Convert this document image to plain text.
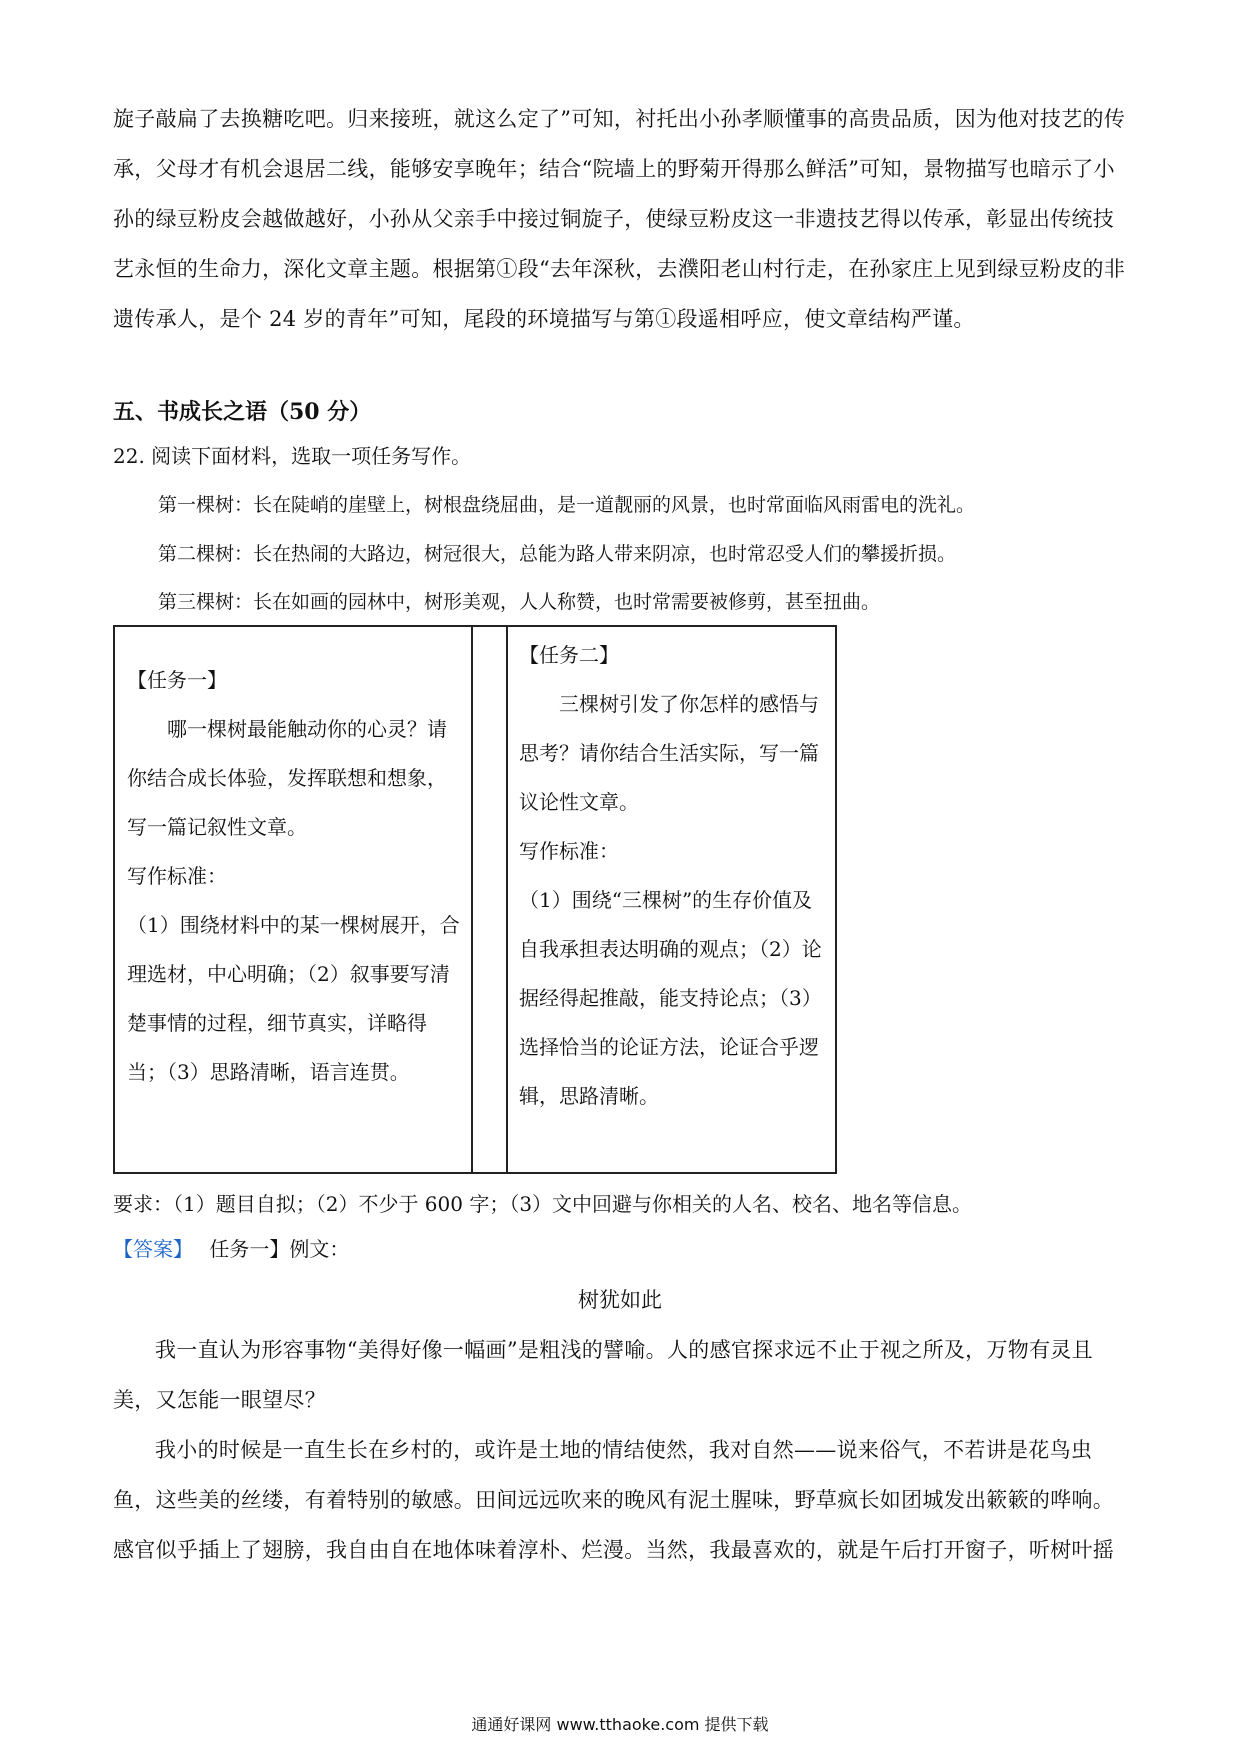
旋子敲扁了去换糖吃吧。归来接班，就这么定了”可知，衬托出小孙孝顺懂事的高贵品质，因为他对技艺的传承，父母才有机会退居二线，能够安享晚年；结合“院墙上的野菊开得那么鲜活”可知，景物描写也暗示了小孙的绿豆粉皮会越做越好，小孙从父亲手中接过铜旋子，使绿豆粉皮这一非遗技艺得以传承，彰显出传统技艺永恒的生命力，深化文章主题。根据第①段“去年深秋，去濮阳老山村行走，在孙家庄上见到绿豆粉皮的非遗传承人，是个 24 岁的青年”可知，尾段的环境描写与第①段遥相呼应，使文章结构严谨。

五、书成长之语（50 分）
22. 阅读下面材料，选取一项任务写作。
第一棵树：长在陡峭的崖壁上，树根盘绕屈曲，是一道靓丽的风景，也时常面临风雨雷电的洗礼。
第二棵树：长在热闹的大路边，树冠很大，总能为路人带来阴凉，也时常忍受人们的攀援折损。
第三棵树：长在如画的园林中，树形美观，人人称赞，也时常需要被修剪，甚至扭曲。

【任务一】

哪一棵树最能触动你的心灵？请你结合成长体验，发挥联想和想象，写一篇记叙性文章。

写作标准：

（1）围绕材料中的某一棵树展开，合理选材，中心明确；（2）叙事要写清楚事情的过程，细节真实，详略得当；（3）思路清晰，语言连贯。

【任务二】

三棵树引发了你怎样的感悟与思考？请你结合生活实际，写一篇议论性文章。

写作标准：

（1）围绕“三棵树”的生存价值及自我承担表达明确的观点；（2）论据经得起推敲，能支持论点；（3）选择恰当的论证方法，论证合乎逻辑，思路清晰。

要求：（1）题目自拟；（2）不少于 600 字；（3）文中回避与你相关的人名、校名、地名等信息。
【答案】 任务一】例文：
树犹如此

我一直认为形容事物“美得好像一幅画”是粗浅的譬喻。人的感官探求远不止于视之所及，万物有灵且美，又怎能一眼望尽？

我小的时候是一直生长在乡村的，或许是土地的情结使然，我对自然——说来俗气，不若讲是花鸟虫鱼，这些美的丝缕，有着特别的敏感。田间远远吹来的晚风有泥土腥味，野草疯长如团城发出簌簌的哗响。感官似乎插上了翅膀，我自由自在地体味着淳朴、烂漫。当然，我最喜欢的，就是午后打开窗子，听树叶摇

通通好课网 www.tthaoke.com 提供下载
